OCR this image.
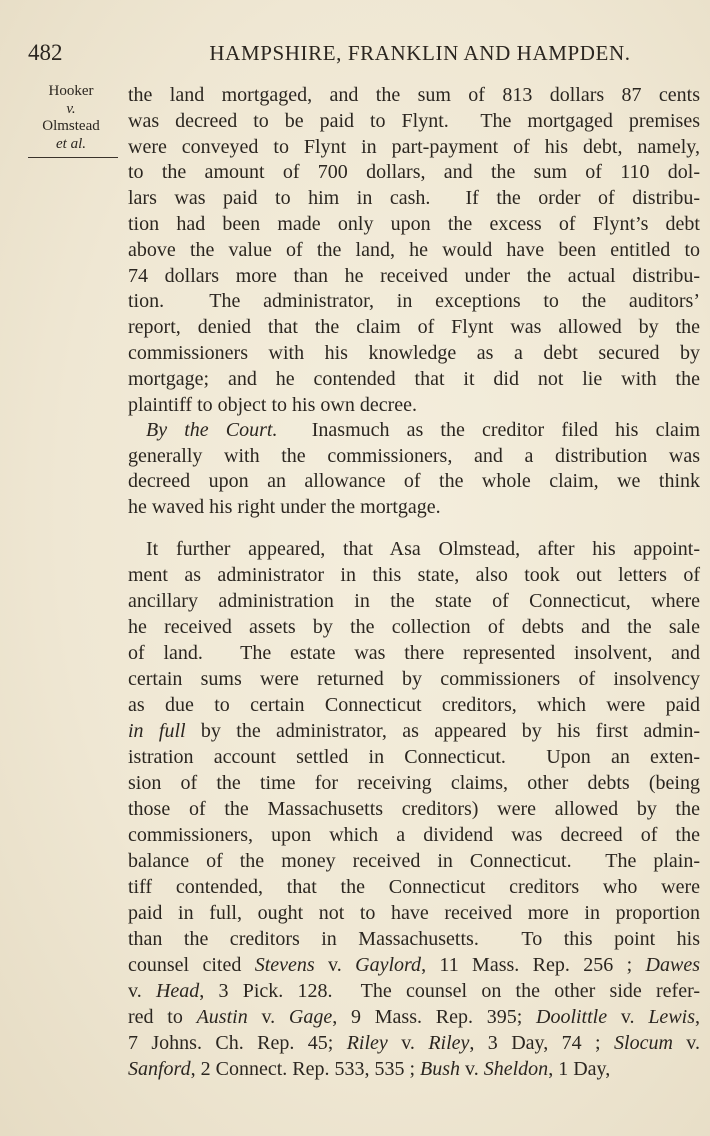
482	HAMPSHIRE, FRANKLIN AND HAMPDEN.
Hooker
v.
Olmstead
et al.
the land mortgaged, and the sum of 813 dollars 87 cents
was decreed to be paid to Flynt.  The mortgaged premises
were conveyed to Flynt in part-payment of his debt, namely,
to the amount of 700 dollars, and the sum of 110 dol-
lars was paid to him in cash.  If the order of distribu-
tion had been made only upon the excess of Flynt’s debt
above the value of the land, he would have been entitled to
74 dollars more than he received under the actual distribu-
tion.  The administrator, in exceptions to the auditors’
report, denied that the claim of Flynt was allowed by the
commissioners with his knowledge as a debt secured by
mortgage; and he contended that it did not lie with the
plaintiff to object to his own decree.
By the Court.  Inasmuch as the creditor filed his claim
generally with the commissioners, and a distribution was
decreed upon an allowance of the whole claim, we think
he waved his right under the mortgage.
It further appeared, that Asa Olmstead, after his appoint-
ment as administrator in this state, also took out letters of
ancillary administration in the state of Connecticut, where
he received assets by the collection of debts and the sale
of land.  The estate was there represented insolvent, and
certain sums were returned by commissioners of insolvency
as due to certain Connecticut creditors, which were paid
in full by the administrator, as appeared by his first admin-
istration account settled in Connecticut.  Upon an exten-
sion of the time for receiving claims, other debts (being
those of the Massachusetts creditors) were allowed by the
commissioners, upon which a dividend was decreed of the
balance of the money received in Connecticut.  The plain-
tiff contended, that the Connecticut creditors who were
paid in full, ought not to have received more in proportion
than the creditors in Massachusetts.  To this point his
counsel cited Stevens v. Gaylord, 11 Mass. Rep. 256 ; Dawes
v. Head, 3 Pick. 128.  The counsel on the other side refer-
red to Austin v. Gage, 9 Mass. Rep. 395; Doolittle v. Lewis,
7 Johns. Ch. Rep. 45; Riley v. Riley, 3 Day, 74 ; Slocum v.
Sanford, 2 Connect. Rep. 533, 535 ; Bush v. Sheldon, 1 Day,
